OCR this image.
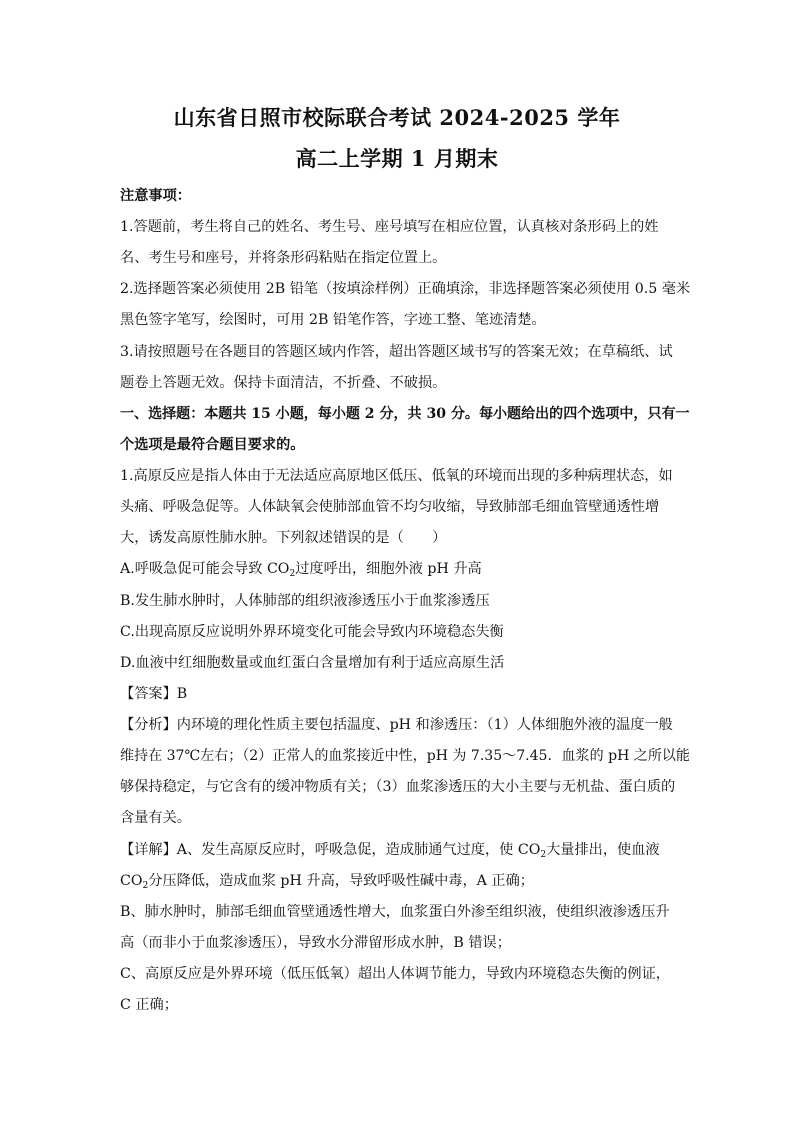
山东省日照市校际联合考试 2024-2025 学年
高二上学期 1 月期末
注意事项：
1.答题前，考生将自己的姓名、考生号、座号填写在相应位置，认真核对条形码上的姓
名、考生号和座号，并将条形码粘贴在指定位置上。
2.选择题答案必须使用 2B 铅笔（按填涂样例）正确填涂，非选择题答案必须使用 0.5 毫米
黑色签字笔写，绘图时，可用 2B 铅笔作答，字迹工整、笔迹清楚。
3.请按照题号在各题目的答题区域内作答，超出答题区域书写的答案无效；在草稿纸、试
题卷上答题无效。保持卡面清洁，不折叠、不破损。
一、选择题：本题共 15 小题，每小题 2 分，共 30 分。每小题给出的四个选项中，只有一
个选项是最符合题目要求的。
1.高原反应是指人体由于无法适应高原地区低压、低氧的环境而出现的多种病理状态，如
头痛、呼吸急促等。人体缺氧会使肺部血管不均匀收缩，导致肺部毛细血管壁通透性增
大，诱发高原性肺水肿。下列叙述错误的是（　　）
A.呼吸急促可能会导致 $CO_2$过度呼出，细胞外液 pH 升高
B.发生肺水肿时，人体肺部的组织液渗透压小于血浆渗透压
C.出现高原反应说明外界环境变化可能会导致内环境稳态失衡
D.血液中红细胞数量或血红蛋白含量增加有利于适应高原生活
【答案】B
【分析】内环境的理化性质主要包括温度、pH 和渗透压：（1）人体细胞外液的温度一般
维持在 37℃左右；（2）正常人的血浆接近中性，pH 为 7.35～7.45．血浆的 pH 之所以能
够保持稳定，与它含有的缓冲物质有关；（3）血浆渗透压的大小主要与无机盐、蛋白质的
含量有关。
【详解】A、发生高原反应时，呼吸急促，造成肺通气过度，使 $CO_2$大量排出，使血液
$CO_2$分压降低，造成血浆 pH 升高，导致呼吸性碱中毒，A 正确；
B、肺水肿时，肺部毛细血管壁通透性增大，血浆蛋白外渗至组织液，使组织液渗透压升
高（而非小于血浆渗透压），导致水分滞留形成水肿，B 错误；
C、高原反应是外界环境（低压低氧）超出人体调节能力，导致内环境稳态失衡的例证，
C 正确；
